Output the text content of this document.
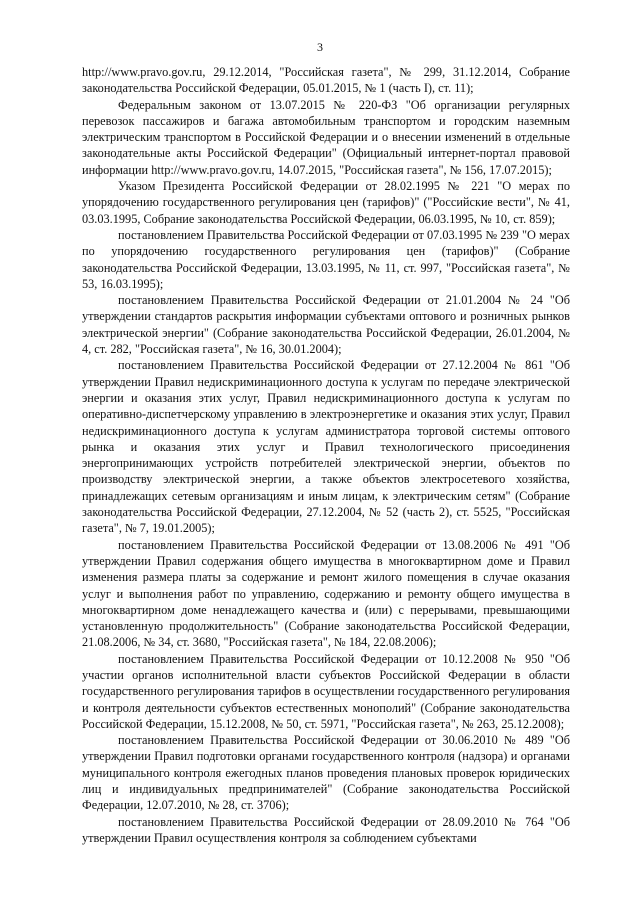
3

http://www.pravo.gov.ru, 29.12.2014, "Российская газета", № 299, 31.12.2014, Собрание законодательства Российской Федерации, 05.01.2015, № 1 (часть I), ст. 11);

Федеральным законом от 13.07.2015 № 220-ФЗ "Об организации регулярных перевозок пассажиров и багажа автомобильным транспортом и городским наземным электрическим транспортом в Российской Федерации и о внесении изменений в отдельные законодательные акты Российской Федерации" (Официальный интернет-портал правовой информации http://www.pravo.gov.ru, 14.07.2015, "Российская газета", № 156, 17.07.2015);

Указом Президента Российской Федерации от 28.02.1995 № 221 "О мерах по упорядочению государственного регулирования цен (тарифов)" ("Российские вести", № 41, 03.03.1995, Собрание законодательства Российской Федерации, 06.03.1995, № 10, ст. 859);

постановлением Правительства Российской Федерации от 07.03.1995 № 239 "О мерах по упорядочению государственного регулирования цен (тарифов)" (Собрание законодательства Российской Федерации, 13.03.1995, № 11, ст. 997, "Российская газета", № 53, 16.03.1995);

постановлением Правительства Российской Федерации от 21.01.2004 № 24 "Об утверждении стандартов раскрытия информации субъектами оптового и розничных рынков электрической энергии" (Собрание законодательства Российской Федерации, 26.01.2004, № 4, ст. 282, "Российская газета", № 16, 30.01.2004);

постановлением Правительства Российской Федерации от 27.12.2004 № 861 "Об утверждении Правил недискриминационного доступа к услугам по передаче электрической энергии и оказания этих услуг, Правил недискриминационного доступа к услугам по оперативно-диспетчерскому управлению в электроэнергетике и оказания этих услуг, Правил недискриминационного доступа к услугам администратора торговой системы оптового рынка и оказания этих услуг и Правил технологического присоединения энергопринимающих устройств потребителей электрической энергии, объектов по производству электрической энергии, а также объектов электросетевого хозяйства, принадлежащих сетевым организациям и иным лицам, к электрическим сетям" (Собрание законодательства Российской Федерации, 27.12.2004, № 52 (часть 2), ст. 5525, "Российская газета", № 7, 19.01.2005);

постановлением Правительства Российской Федерации от 13.08.2006 № 491 "Об утверждении Правил содержания общего имущества в многоквартирном доме и Правил изменения размера платы за содержание и ремонт жилого помещения в случае оказания услуг и выполнения работ по управлению, содержанию и ремонту общего имущества в многоквартирном доме ненадлежащего качества и (или) с перерывами, превышающими установленную продолжительность" (Собрание законодательства Российской Федерации, 21.08.2006, № 34, ст. 3680, "Российская газета", № 184, 22.08.2006);

постановлением Правительства Российской Федерации от 10.12.2008 № 950 "Об участии органов исполнительной власти субъектов Российской Федерации в области государственного регулирования тарифов в осуществлении государственного регулирования и контроля деятельности субъектов естественных монополий" (Собрание законодательства Российской Федерации, 15.12.2008, № 50, ст. 5971, "Российская газета", № 263, 25.12.2008);

постановлением Правительства Российской Федерации от 30.06.2010 № 489 "Об утверждении Правил подготовки органами государственного контроля (надзора) и органами муниципального контроля ежегодных планов проведения плановых проверок юридических лиц и индивидуальных предпринимателей" (Собрание законодательства Российской Федерации, 12.07.2010, № 28, ст. 3706);

постановлением Правительства Российской Федерации от 28.09.2010 № 764 "Об утверждении Правил осуществления контроля за соблюдением субъектами
